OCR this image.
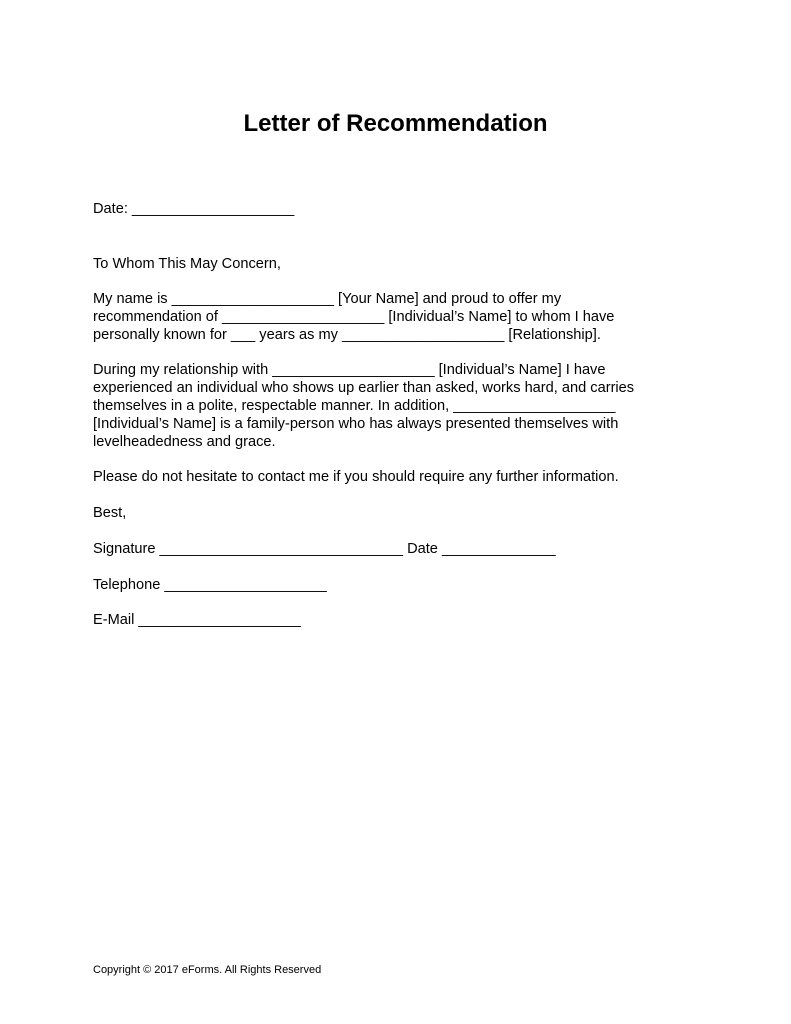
Letter of Recommendation
Date: ____________________
To Whom This May Concern,
My name is ____________________ [Your Name] and proud to offer my
recommendation of ____________________ [Individual’s Name] to whom I have
personally known for ___ years as my ____________________ [Relationship].
During my relationship with ____________________ [Individual’s Name] I have
experienced an individual who shows up earlier than asked, works hard, and carries
themselves in a polite, respectable manner. In addition, ____________________
[Individual’s Name] is a family-person who has always presented themselves with
levelheadedness and grace.
Please do not hesitate to contact me if you should require any further information.
Best,
Signature ______________________________ Date ______________
Telephone ____________________
E-Mail ____________________
Copyright © 2017 eForms. All Rights Reserved
